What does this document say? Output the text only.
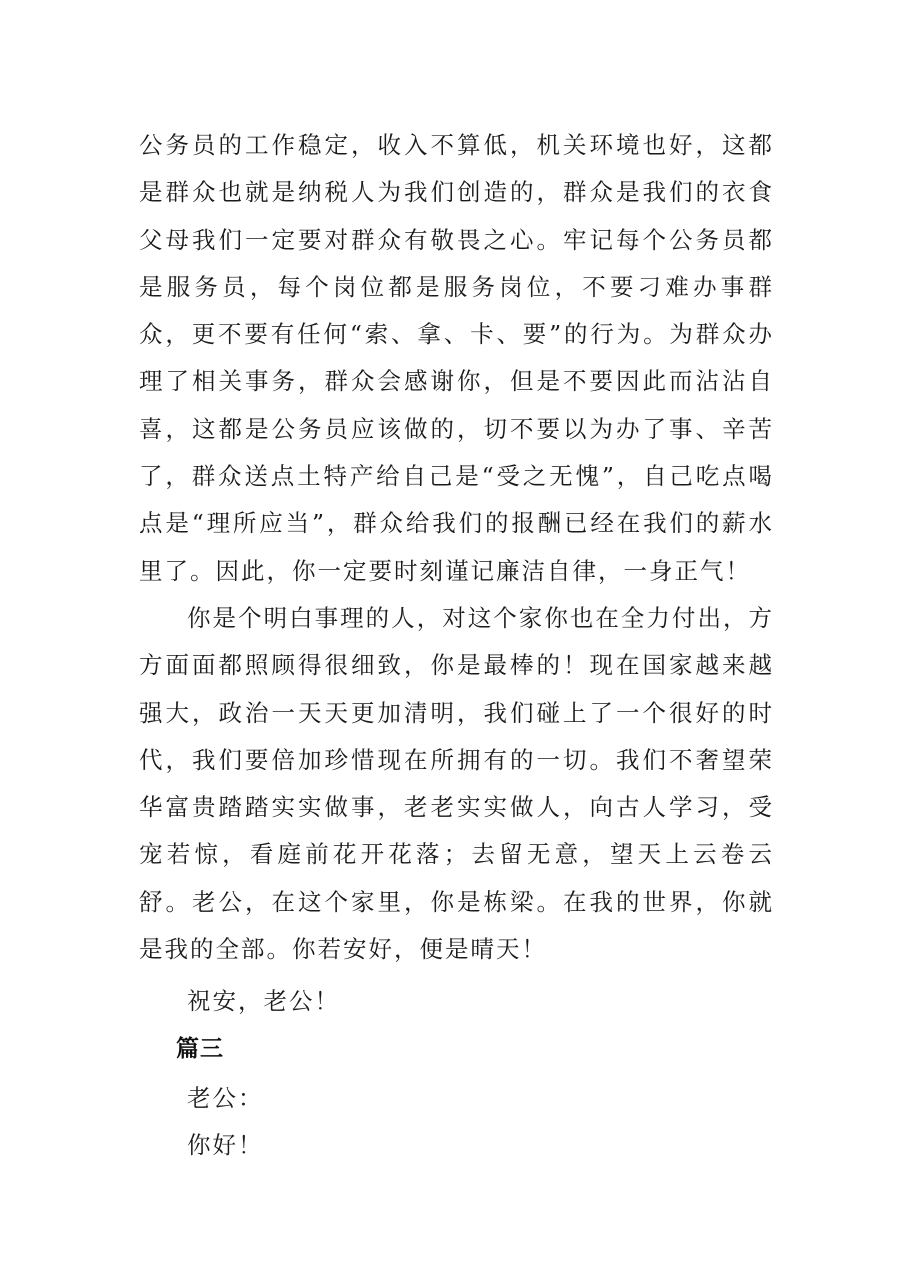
公务员的工作稳定，收入不算低，机关环境也好，这都是群众也就是纳税人为我们创造的，群众是我们的衣食父母我们一定要对群众有敬畏之心。牢记每个公务员都是服务员，每个岗位都是服务岗位，不要刁难办事群众，更不要有任何“索、拿、卡、要”的行为。为群众办理了相关事务，群众会感谢你，但是不要因此而沾沾自喜，这都是公务员应该做的，切不要以为办了事、辛苦了，群众送点土特产给自己是“受之无愧”，自己吃点喝点是“理所应当”，群众给我们的报酬已经在我们的薪水里了。因此，你一定要时刻谨记廉洁自律，一身正气！

你是个明白事理的人，对这个家你也在全力付出，方方面面都照顾得很细致，你是最棒的！现在国家越来越强大，政治一天天更加清明，我们碰上了一个很好的时代，我们要倍加珍惜现在所拥有的一切。我们不奢望荣华富贵踏踏实实做事，老老实实做人，向古人学习，受宠若惊，看庭前花开花落；去留无意，望天上云卷云舒。老公，在这个家里，你是栋梁。在我的世界，你就是我的全部。你若安好，便是晴天！

祝安，老公！
篇三
老公：
你好！
